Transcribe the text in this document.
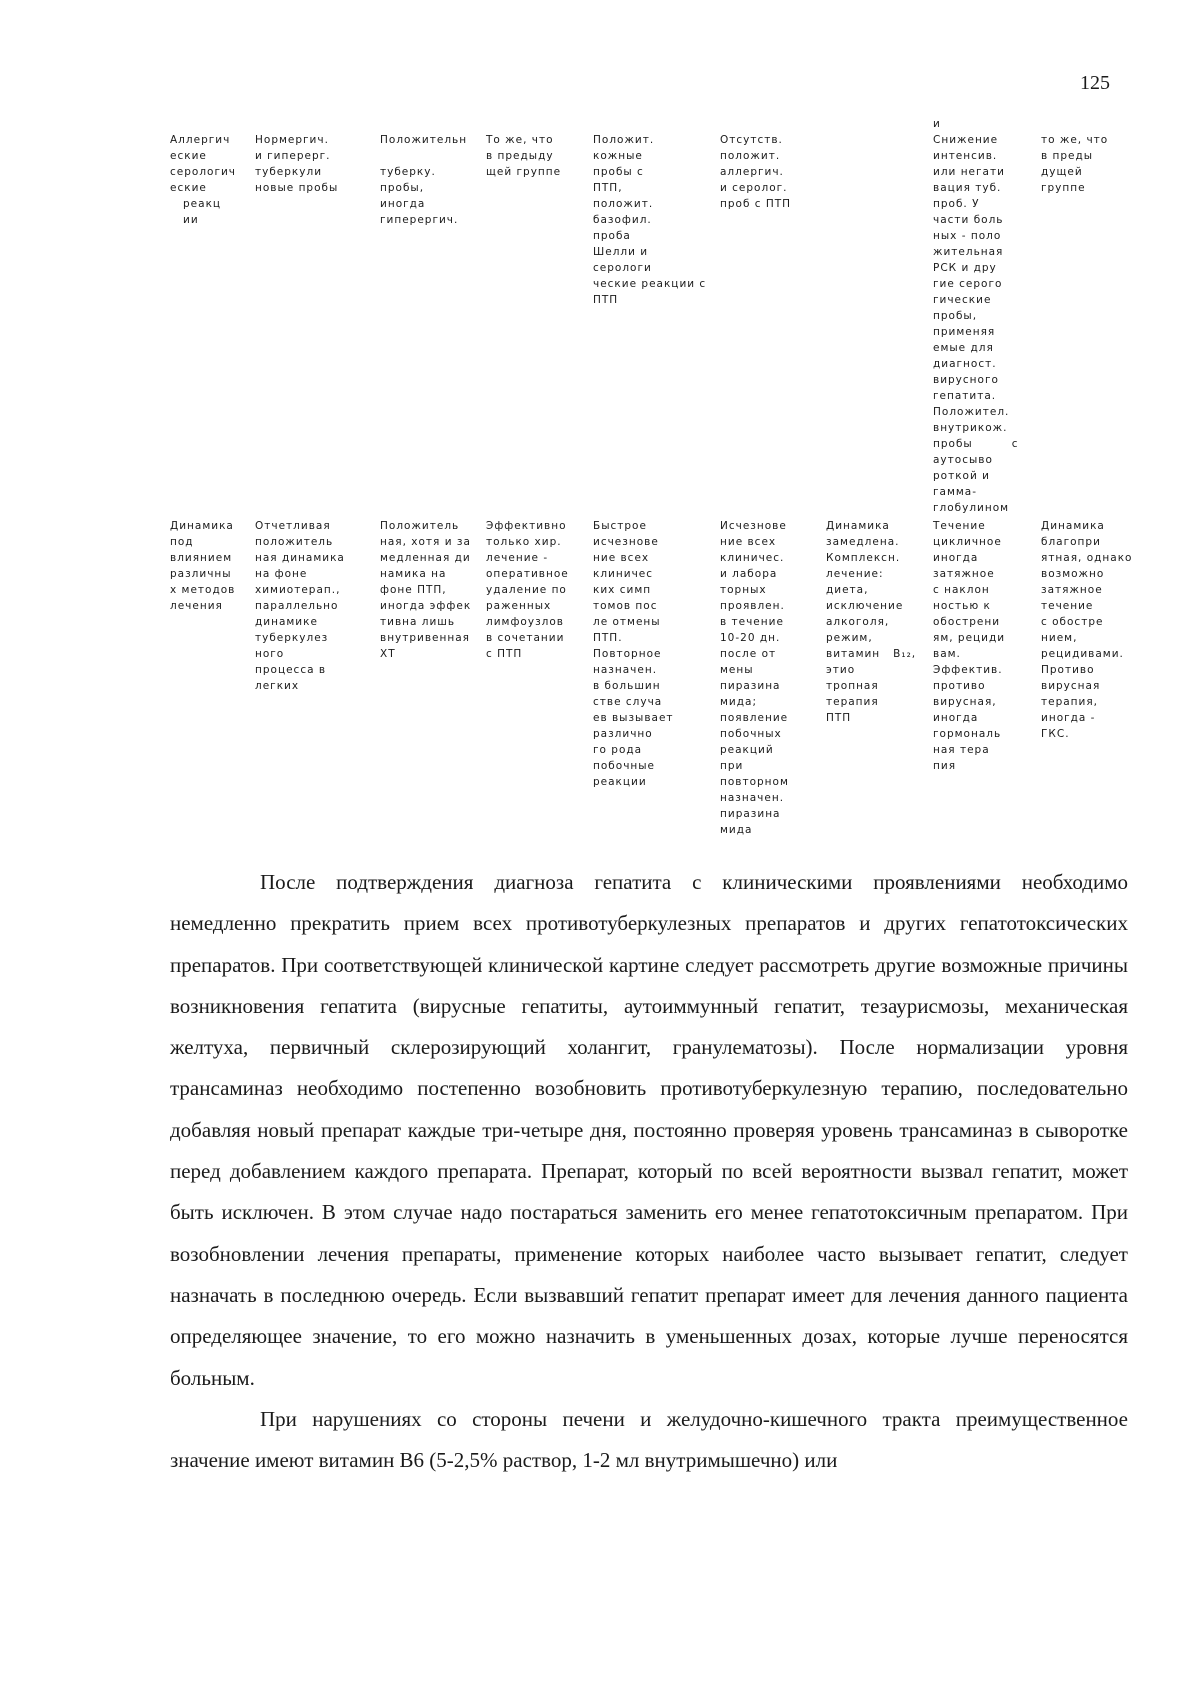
125
Аллергич
еские
серологич
еские
реакц
ии
Нормергич.
и гиперерг.
туберкули
новые пробы
Положительн

туберку.
пробы,
иногда
гиперергич.
То же, что
в предыду
щей группе
Положит.
кожные
пробы с
ПТП,
положит.
базофил.
проба
Шелли и
серологи
ческие реакции с
ПТП
Отсутств.
положит.
аллергич.
и серолог.
проб с ПТП
и
Снижение
интенсив.
или негати
вация туб.
проб. У
части боль
ных - поло
жительная
РСК и дру
гие серого
гические
пробы,
применяя
емые для
диагност.
вирусного
гепатита.
Положител.
внутрикож.
пробы         с
аутосыво
роткой и
гамма-
глобулином
то же, что
в преды
дущей
группе
Динамика
под
влиянием
различны
х методов
лечения
Отчетливая
положитель
ная динамика
на фоне
химиотерап.,
параллельно
динамике
туберкулез
ного
процесса в
легких
Положитель
ная, хотя и за
медленная ди
намика на
фоне ПТП,
иногда эффек
тивна лишь
внутривенная
ХТ
Эффективно
только хир.
лечение -
оперативное
удаление по
раженных
лимфоузлов
в сочетании
с ПТП
Быстрое
исчезнове
ние всех
клиничес
ких симп
томов пос
ле отмены
ПТП.
Повторное
назначен.
в большин
стве случа
ев вызывает
различно
го рода
побочные
реакции
Исчезнове
ние всех
клиничес.
и лабора
торных
проявлен.
в течение
10-20 дн.
после от
мены
пиразина
мида;
появление
побочных
реакций
при
повторном
назначен.
пиразина
мида
Динамика
замедлена.
Комплексн.
лечение:
диета,
исключение
алкоголя,
режим,
витамин   B₁₂,
этио
тропная
терапия
ПТП
Течение
цикличное
иногда
затяжное
с наклон
ностью к
обострени
ям, рециди
вам.
Эффектив.
противо
вирусная,
иногда
гормональ
ная тера
пия
Динамика
благопри
ятная, однако
возможно
затяжное
течение
с обостре
нием,
рецидивами.
Противо
вирусная
терапия,
иногда -
ГКС.

После подтверждения диагноза гепатита с клиническими проявлениями необходимо немедленно прекратить прием всех противотуберкулезных препаратов и других гепатотоксических препаратов. При соответствующей клинической картине следует рассмотреть другие возможные причины возникновения гепатита (вирусные гепатиты, аутоиммунный гепатит, тезаурисмозы, механическая желтуха, первичный склерозирующий холангит, гранулематозы). После нормализации уровня трансаминаз необходимо постепенно возобновить противотуберкулезную терапию, последовательно добавляя новый препарат каждые три-четыре дня, постоянно проверяя уровень трансаминаз в сыворотке перед добавлением каждого препарата. Препарат, который по всей вероятности вызвал гепатит, может быть исключен. В этом случае надо постараться заменить его менее гепатотоксичным препаратом. При возобновлении лечения препараты, применение которых наиболее часто вызывает гепатит, следует назначать в последнюю очередь. Если вызвавший гепатит препарат имеет для лечения данного пациента определяющее значение, то его можно назначить в уменьшенных дозах, которые лучше переносятся больным.

При нарушениях со стороны печени и желудочно-кишечного тракта преимущественное значение имеют витамин В6 (5-2,5% раствор, 1-2 мл внутримышечно) или
